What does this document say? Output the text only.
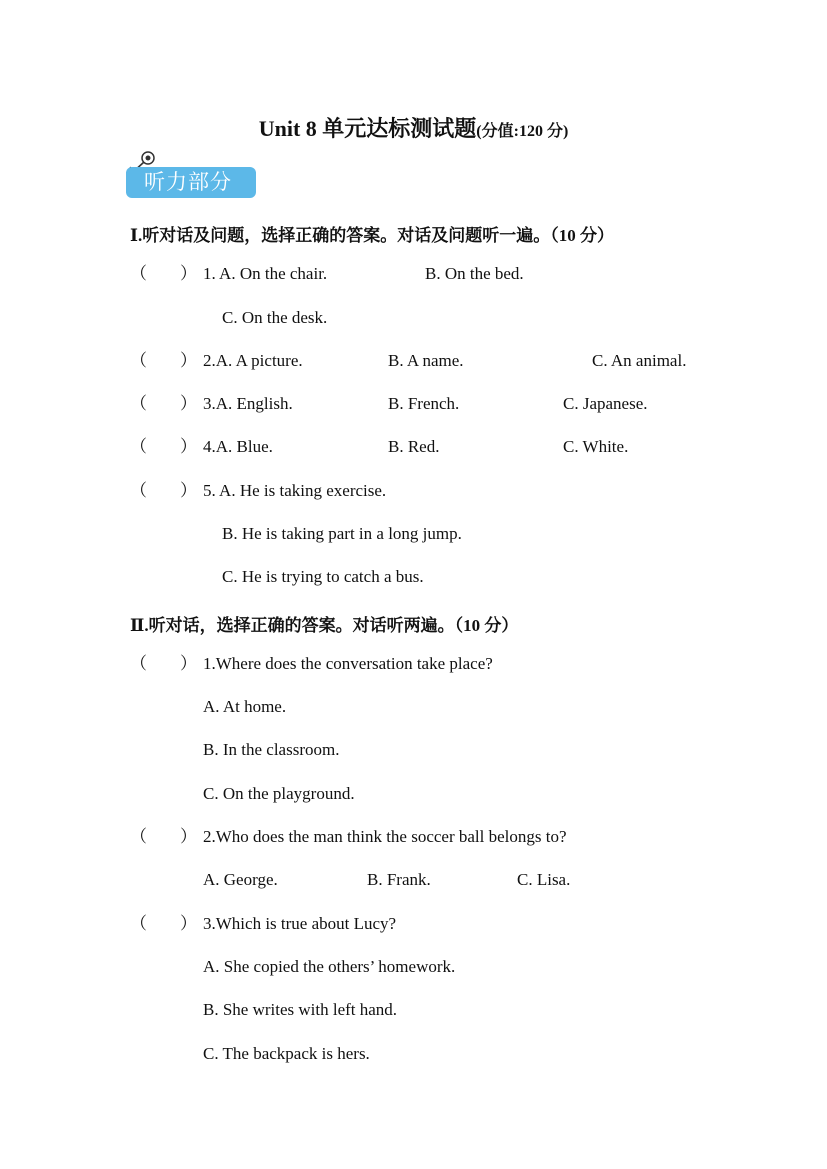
Unit 8 单元达标测试题(分值:120 分)
听力部分
Ⅰ.听对话及问题，选择正确的答案。对话及问题听一遍。（10 分）
（ ） 1. A. On the chair.	B. On the bed.
C. On the desk.
（ ） 2.A. A picture.	B. A name.	C. An animal.
（ ） 3.A. English.	B. French.	C. Japanese.
（ ） 4.A. Blue.	B. Red.	C. White.
（ ） 5. A. He is taking exercise.
B. He is taking part in a long jump.
C. He is trying to catch a bus.
Ⅱ.听对话，选择正确的答案。对话听两遍。（10 分）
（ ） 1.Where does the conversation take place?
A. At home.
B. In the classroom.
C. On the playground.
（ ） 2.Who does the man think the soccer ball belongs to?
A. George.	B. Frank.	C. Lisa.
（ ） 3.Which is true about Lucy?
A. She copied the others’ homework.
B. She writes with left hand.
C. The backpack is hers.
